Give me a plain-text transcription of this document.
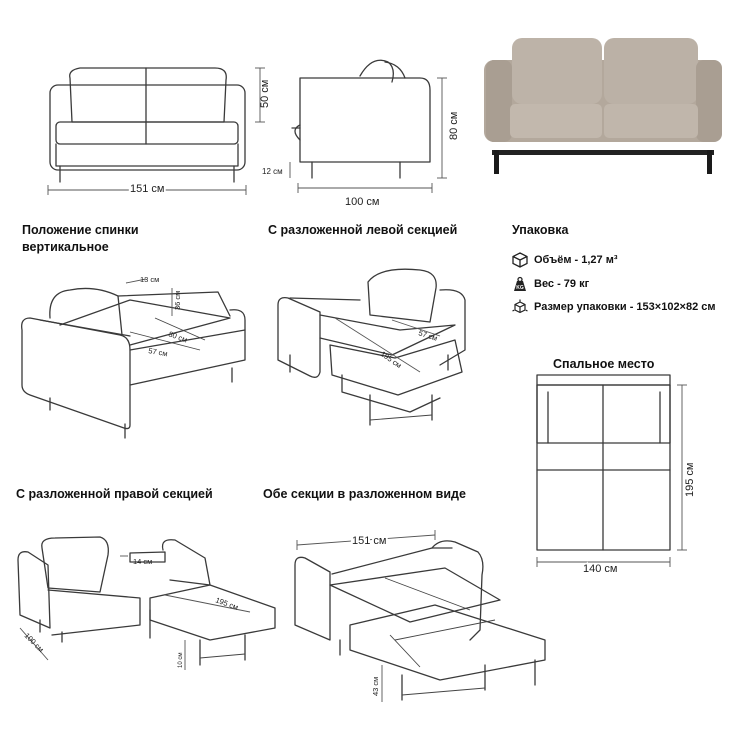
151 см
50 см
100 см
80 см
12 см
13 см
36 см
80 см
57 см
57 см
195 см
195 см
140 см
14 см
195 см
100 см
10 см
151 см
43 см
Положение спинки
вертикальное
С разложенной левой секцией	Упаковка
Спальное место
С разложенной правой секцией	Обе секции в разложенном виде
Объём - 1,27 м³
KG Вес - 79 кг
Размер упаковки - 153×102×82 см
